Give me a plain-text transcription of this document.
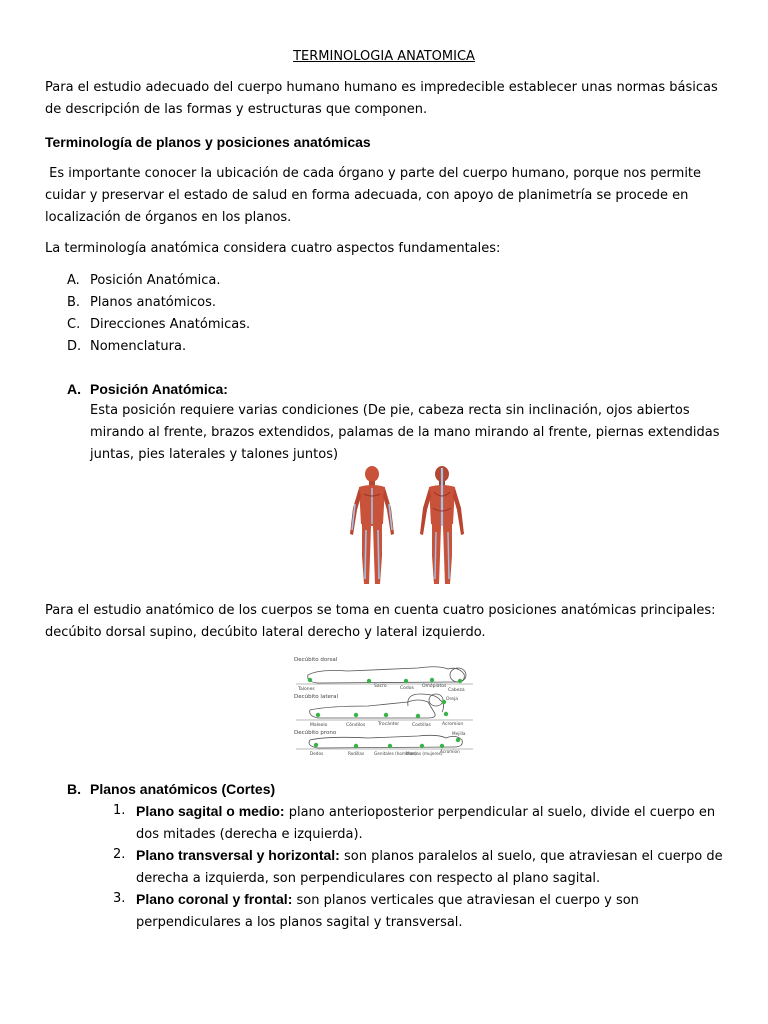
TERMINOLOGIA ANATOMICA

Para el estudio adecuado del cuerpo humano humano es impredecible establecer unas normas básicas de descripción de las formas y estructuras que componen.

Terminología de planos y posiciones anatómicas

Es importante conocer la ubicación de cada órgano y parte del cuerpo humano, porque nos permite cuidar y preservar el estado de salud en forma adecuada, con apoyo de planimetría se procede en localización de órganos en los planos.

La terminología anatómica considera cuatro aspectos fundamentales:

A. Posición Anatómica.
B. Planos anatómicos.
C. Direcciones Anatómicas.
D. Nomenclatura.
A. Posición Anatómica:

Esta posición requiere varias condiciones (De pie, cabeza recta sin inclinación, ojos abiertos mirando al frente, brazos extendidos, palamas de la mano mirando al frente, piernas extendidas juntas, pies laterales y talones juntos)

Para el estudio anatómico de los cuerpos se toma en cuenta cuatro posiciones anatómicas principales: decúbito dorsal supino, decúbito lateral derecho y lateral izquierdo.

Decúbito dorsal
Talones
Sacro	Codos Omóplatos
Cabeza
Decúbito lateral
Maleolo	Cóndilos	Trocánter	Costillas
Oreja
Acromion
Decúbito prono
Dedos	Rodillas Genitales (hombres)
Mamas (mujeres)
Acromion
Mejilla
B. Planos anatómicos (Cortes)
1. Plano sagital o medio: plano anterioposterior perpendicular al suelo, divide el cuerpo en dos mitades (derecha e izquierda).

2. Plano transversal y horizontal: son planos paralelos al suelo, que atraviesan el cuerpo de derecha a izquierda, son perpendiculares con respecto al plano sagital.

3. Plano coronal y frontal: son planos verticales que atraviesan el cuerpo y son perpendiculares a los planos sagital y transversal.
